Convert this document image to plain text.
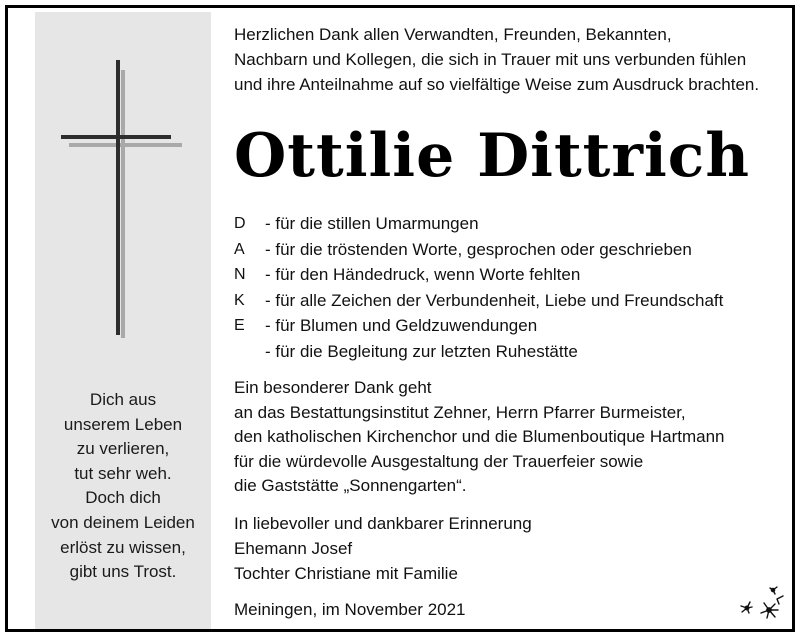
Dich aus
unserem Leben
zu verlieren,
tut sehr weh.
Doch dich
von deinem Leiden
erlöst zu wissen,
gibt uns Trost.
Herzlichen Dank allen Verwandten, Freunden, Bekannten,
Nachbarn und Kollegen, die sich in Trauer mit uns verbunden fühlen
und ihre Anteilnahme auf so vielfältige Weise zum Ausdruck brachten.
Ottilie Dittrich
D
A
N
K
E
- für die stillen Umarmungen
- für die tröstenden Worte, gesprochen oder geschrieben
- für den Händedruck, wenn Worte fehlten
- für alle Zeichen der Verbundenheit, Liebe und Freundschaft
- für Blumen und Geldzuwendungen
- für die Begleitung zur letzten Ruhestätte
Ein besonderer Dank geht
an das Bestattungsinstitut Zehner, Herrn Pfarrer Burmeister,
den katholischen Kirchenchor und die Blumenboutique Hartmann
für die würdevolle Ausgestaltung der Trauerfeier sowie
die Gaststätte „Sonnengarten“.
In liebevoller und dankbarer Erinnerung
Ehemann Josef
Tochter Christiane mit Familie
Meiningen, im November 2021
